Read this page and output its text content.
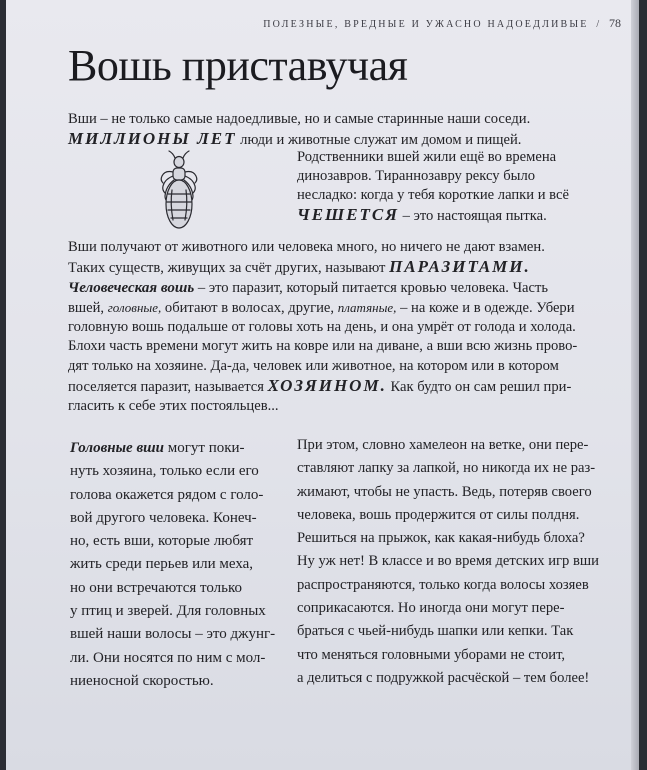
ПОЛЕЗНЫЕ, ВРЕДНЫЕ И УЖАСНО НАДОЕДЛИВЫЕ / 78
Вошь приставучая

Вши – не только самые надоедливые, но и самые старинные наши соседи.

МИЛЛИОНЫ ЛЕТ люди и животные служат им домом и пищей.

Родственники вшей жили ещё во времена

динозавров. Тираннозавру рексу было

несладко: когда у тебя короткие лапки и всё

ЧЕШЕТСЯ – это настоящая пытка.

Вши получают от животного или человека много, но ничего не дают взамен.

Таких существ, живущих за счёт других, называют ПАРАЗИТАМИ.

Человеческая вошь – это паразит, который питается кровью человека. Часть

вшей, головные, обитают в волосах, другие, платяные, – на коже и в одежде. Убери

головную вошь подальше от головы хоть на день, и она умрёт от голода и холода.

Блохи часть времени могут жить на ковре или на диване, а вши всю жизнь прово-

дят только на хозяине. Да-да, человек или животное, на котором или в котором

поселяется паразит, называется ХОЗЯИНОМ. Как будто он сам решил при-

гласить к себе этих постояльцев...

Головные вши могут поки-

нуть хозяина, только если его

голова окажется рядом с голо-

вой другого человека. Конеч-

но, есть вши, которые любят

жить среди перьев или меха,

но они встречаются только

у птиц и зверей. Для головных

вшей наши волосы – это джунг-

ли. Они носятся по ним с мол-

ниеносной скоростью.

При этом, словно хамелеон на ветке, они пере-

ставляют лапку за лапкой, но никогда их не раз-

жимают, чтобы не упасть. Ведь, потеряв своего

человека, вошь продержится от силы полдня.

Решиться на прыжок, как какая-нибудь блоха?

Ну уж нет! В классе и во время детских игр вши

распространяются, только когда волосы хозяев

соприкасаются. Но иногда они могут пере-

браться с чьей-нибудь шапки или кепки. Так

что меняться головными уборами не стоит,

а делиться с подружкой расчёской – тем более!
